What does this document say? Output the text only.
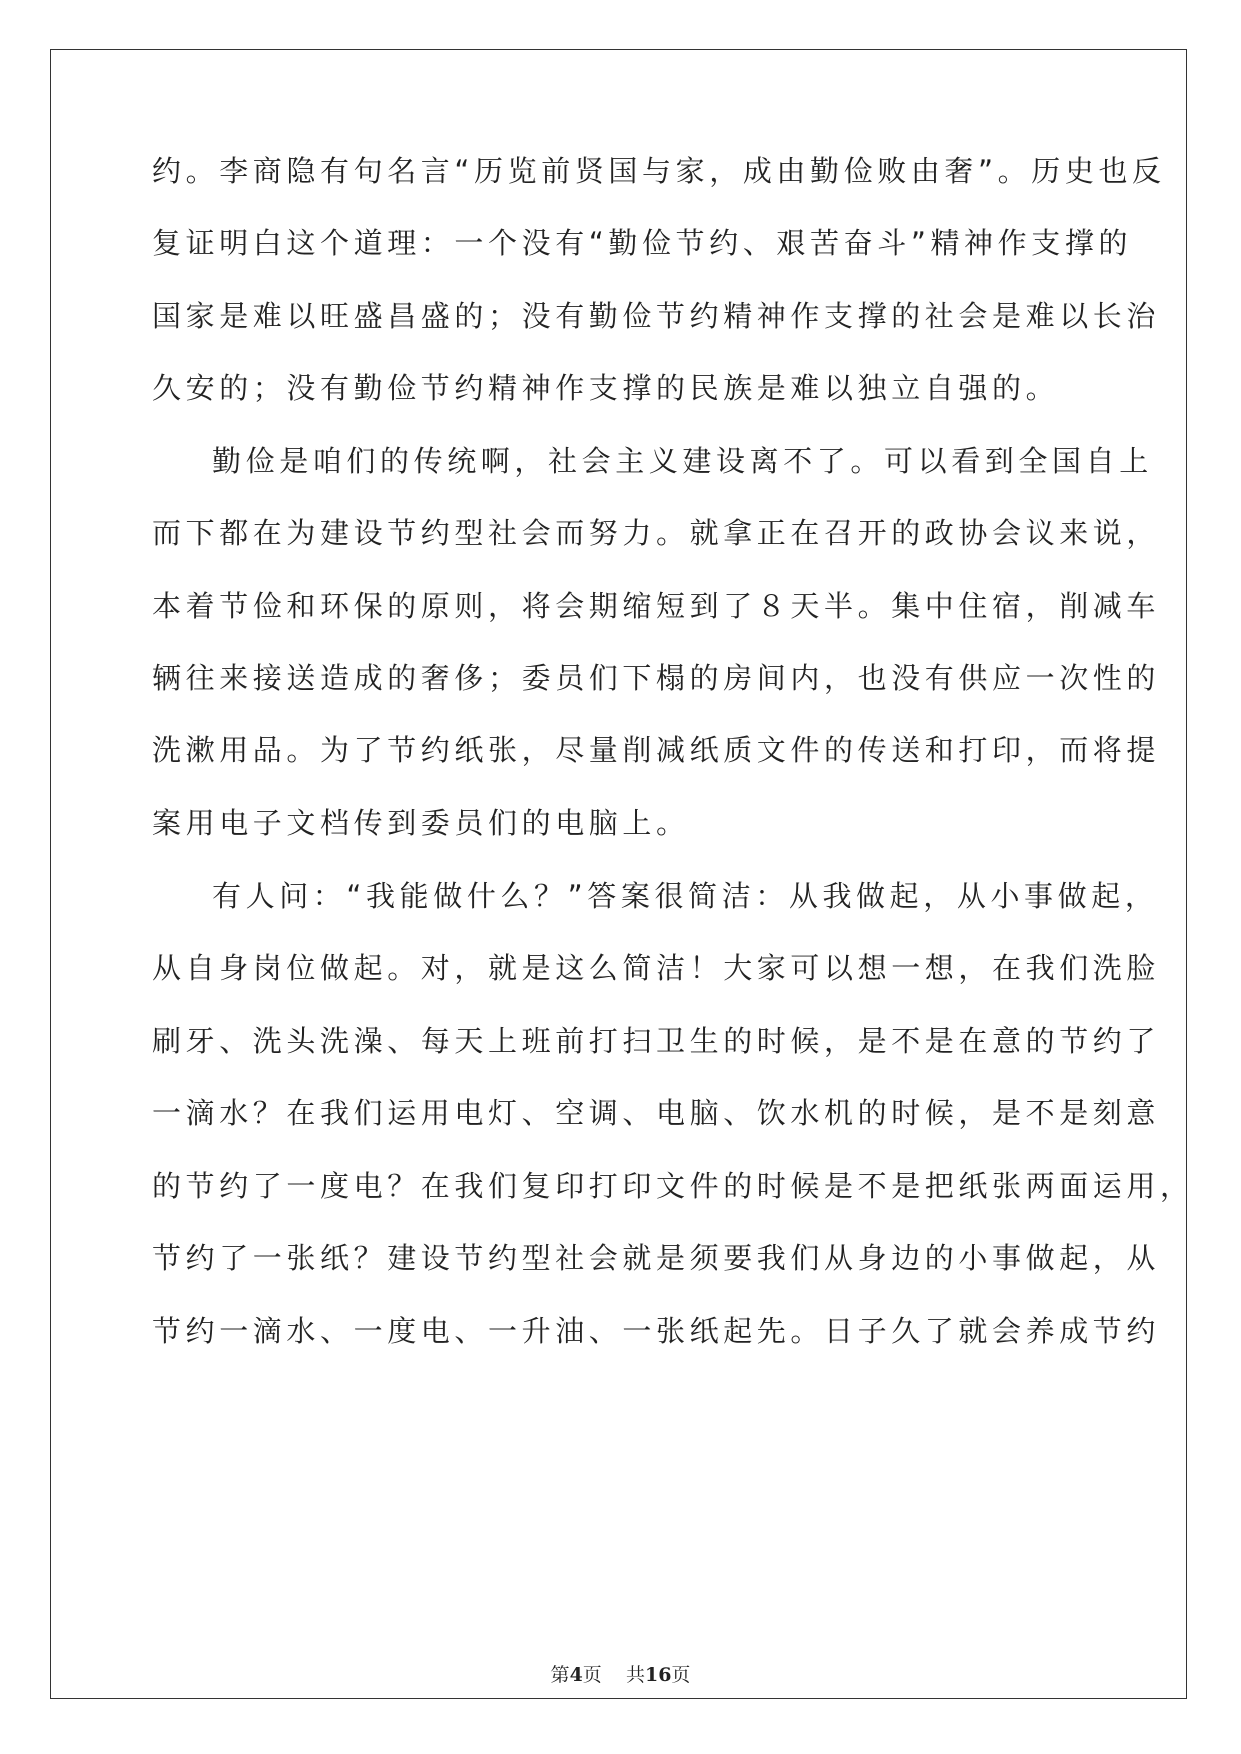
约。李商隐有句名言“历览前贤国与家，成由勤俭败由奢”。历史也反
复证明白这个道理：一个没有“勤俭节约、艰苦奋斗”精神作支撑的
国家是难以旺盛昌盛的；没有勤俭节约精神作支撑的社会是难以长治
久安的；没有勤俭节约精神作支撑的民族是难以独立自强的。
勤俭是咱们的传统啊，社会主义建设离不了。可以看到全国自上
而下都在为建设节约型社会而努力。就拿正在召开的政协会议来说，
本着节俭和环保的原则，将会期缩短到了８天半。集中住宿，削减车
辆往来接送造成的奢侈；委员们下榻的房间内，也没有供应一次性的
洗漱用品。为了节约纸张，尽量削减纸质文件的传送和打印，而将提
案用电子文档传到委员们的电脑上。
有人问：“我能做什么？”答案很简洁：从我做起，从小事做起，
从自身岗位做起。对，就是这么简洁！大家可以想一想，在我们洗脸
刷牙、洗头洗澡、每天上班前打扫卫生的时候，是不是在意的节约了
一滴水？在我们运用电灯、空调、电脑、饮水机的时候，是不是刻意
的节约了一度电？在我们复印打印文件的时候是不是把纸张两面运用，
节约了一张纸？建设节约型社会就是须要我们从身边的小事做起，从
节约一滴水、一度电、一升油、一张纸起先。日子久了就会养成节约
第4页    共16页
